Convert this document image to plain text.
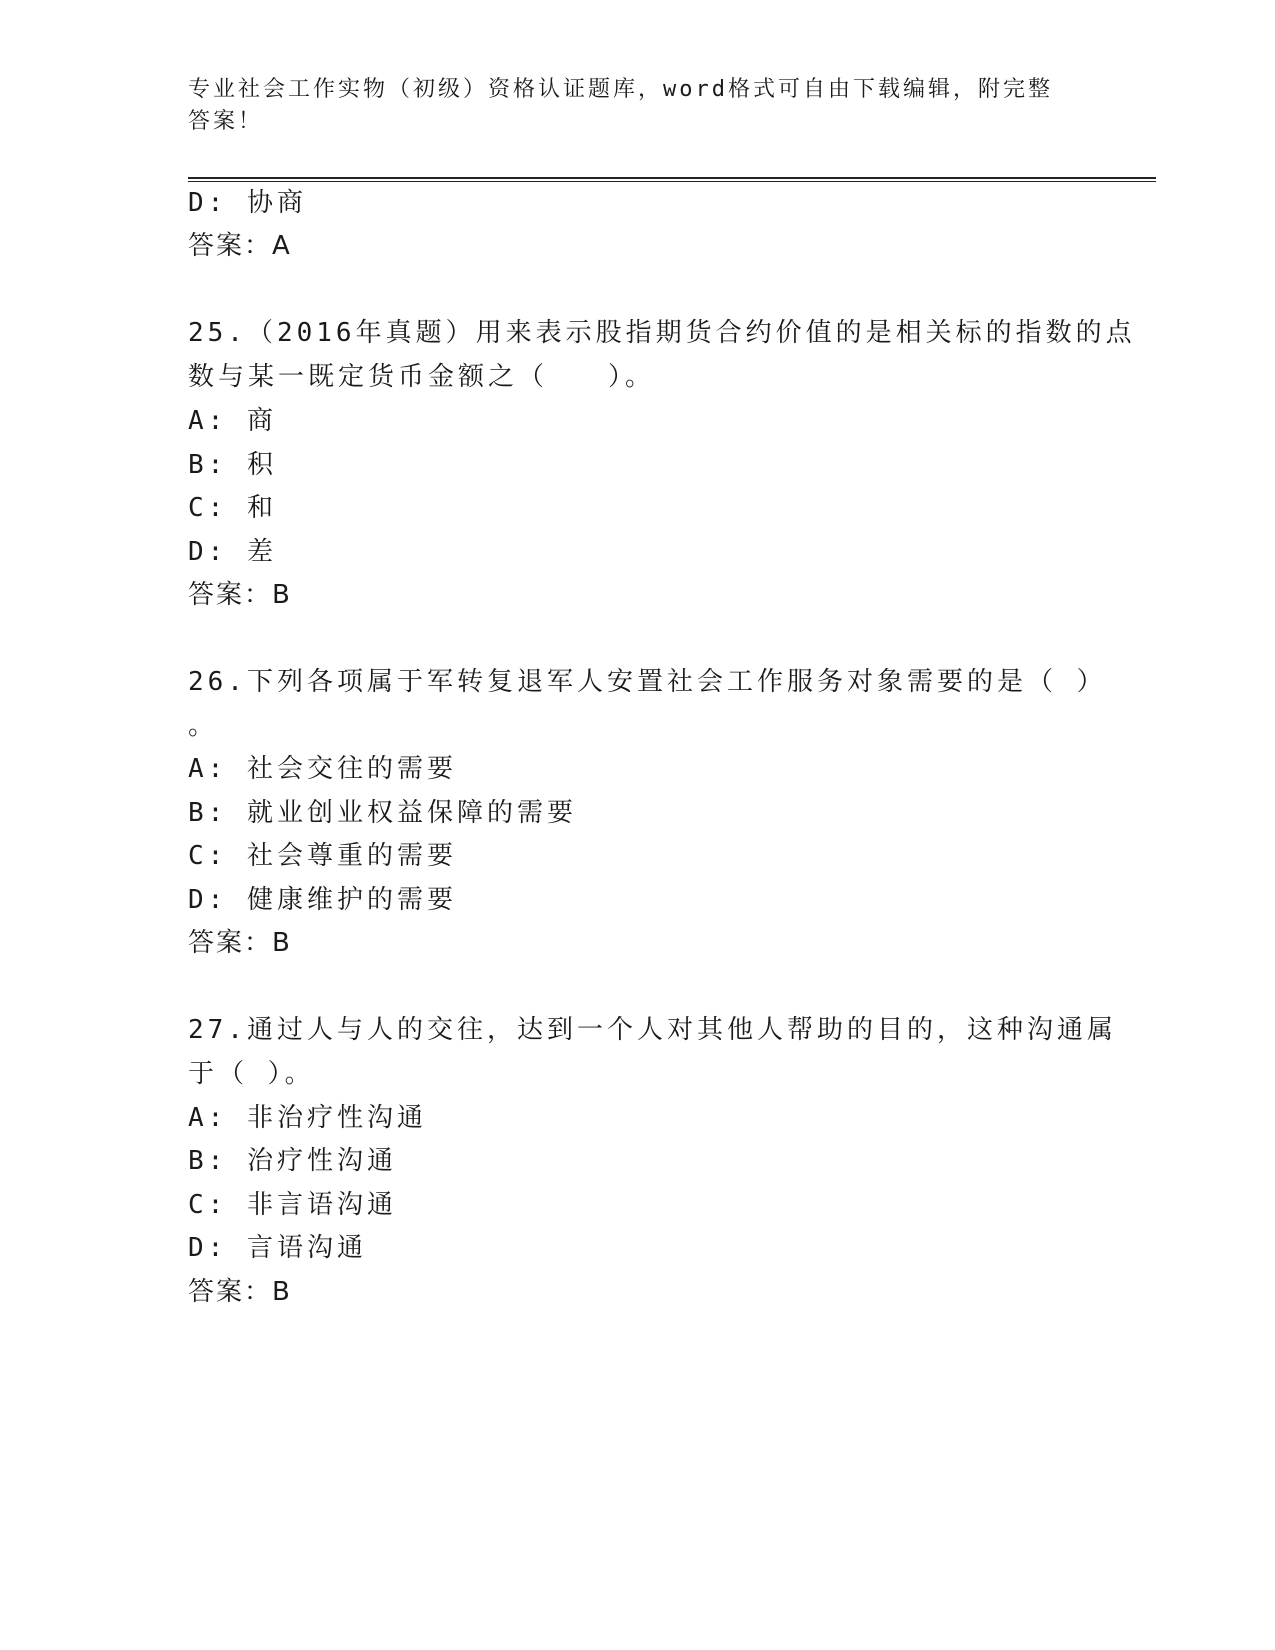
专业社会工作实物（初级）资格认证题库，word格式可自由下载编辑，附完整答案！
D: 协商
答案：A
25.（2016年真题）用来表示股指期货合约价值的是相关标的指数的点
数与某一既定货币金额之（　　）。
A: 商
B: 积
C: 和
D: 差
答案：B
26.下列各项属于军转复退军人安置社会工作服务对象需要的是（ ）
。
A: 社会交往的需要
B: 就业创业权益保障的需要
C: 社会尊重的需要
D: 健康维护的需要
答案：B
27.通过人与人的交往，达到一个人对其他人帮助的目的，这种沟通属
于（ ）。
A: 非治疗性沟通
B: 治疗性沟通
C: 非言语沟通
D: 言语沟通
答案：B
